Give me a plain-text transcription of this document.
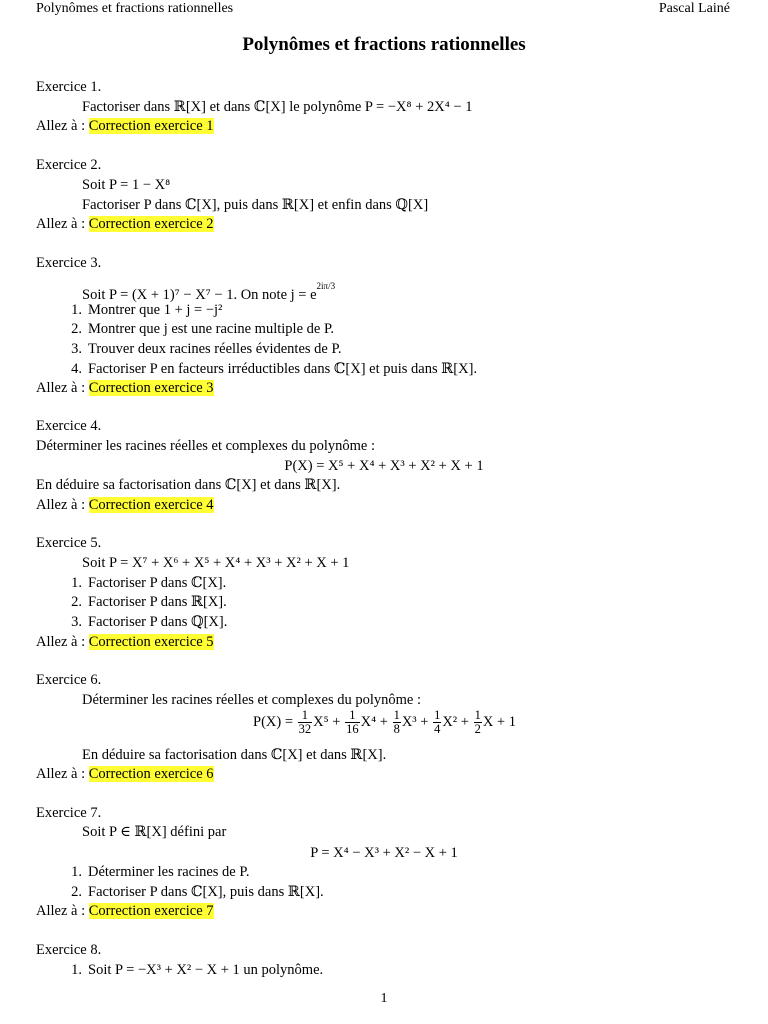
Polynômes et fractions rationnelles	Pascal Lainé
Polynômes et fractions rationnelles
Exercice 1.
Factoriser dans ℝ[X] et dans ℂ[X] le polynôme P = −X⁸ + 2X⁴ − 1
Allez à : Correction exercice 1
Exercice 2.
Soit P = 1 − X⁸
Factoriser P dans ℂ[X], puis dans ℝ[X] et enfin dans ℚ[X]
Allez à : Correction exercice 2
Exercice 3.
Soit P = (X + 1)⁷ − X⁷ − 1. On note $j = e^{2i\pi/3}$
1. Montrer que 1 + j = −j²
2. Montrer que j est une racine multiple de P.
3. Trouver deux racines réelles évidentes de P.
4. Factoriser P en facteurs irréductibles dans ℂ[X] et puis dans ℝ[X].
Allez à : Correction exercice 3
Exercice 4.
Déterminer les racines réelles et complexes du polynôme :
P(X) = X⁵ + X⁴ + X³ + X² + X + 1
En déduire sa factorisation dans ℂ[X] et dans ℝ[X].
Allez à : Correction exercice 4
Exercice 5.
Soit P = X⁷ + X⁶ + X⁵ + X⁴ + X³ + X² + X + 1
1. Factoriser P dans ℂ[X].
2. Factoriser P dans ℝ[X].
3. Factoriser P dans ℚ[X].
Allez à : Correction exercice 5
Exercice 6.
Déterminer les racines réelles et complexes du polynôme :
$P(X) = \frac{1}{32} X^5 + \frac{1}{16} X^4 + \frac{1}{8} X^3 + \frac{1}{4} X^2 + \frac{1}{2}$ X + 1
En déduire sa factorisation dans ℂ[X] et dans ℝ[X].
Allez à : Correction exercice 6
Exercice 7.
Soit P ∈ ℝ[X] défini par
P = X⁴ − X³ + X² − X + 1
1. Déterminer les racines de P.
2. Factoriser P dans ℂ[X], puis dans ℝ[X].
Allez à : Correction exercice 7
Exercice 8.
1. Soit P = −X³ + X² − X + 1 un polynôme.
1
